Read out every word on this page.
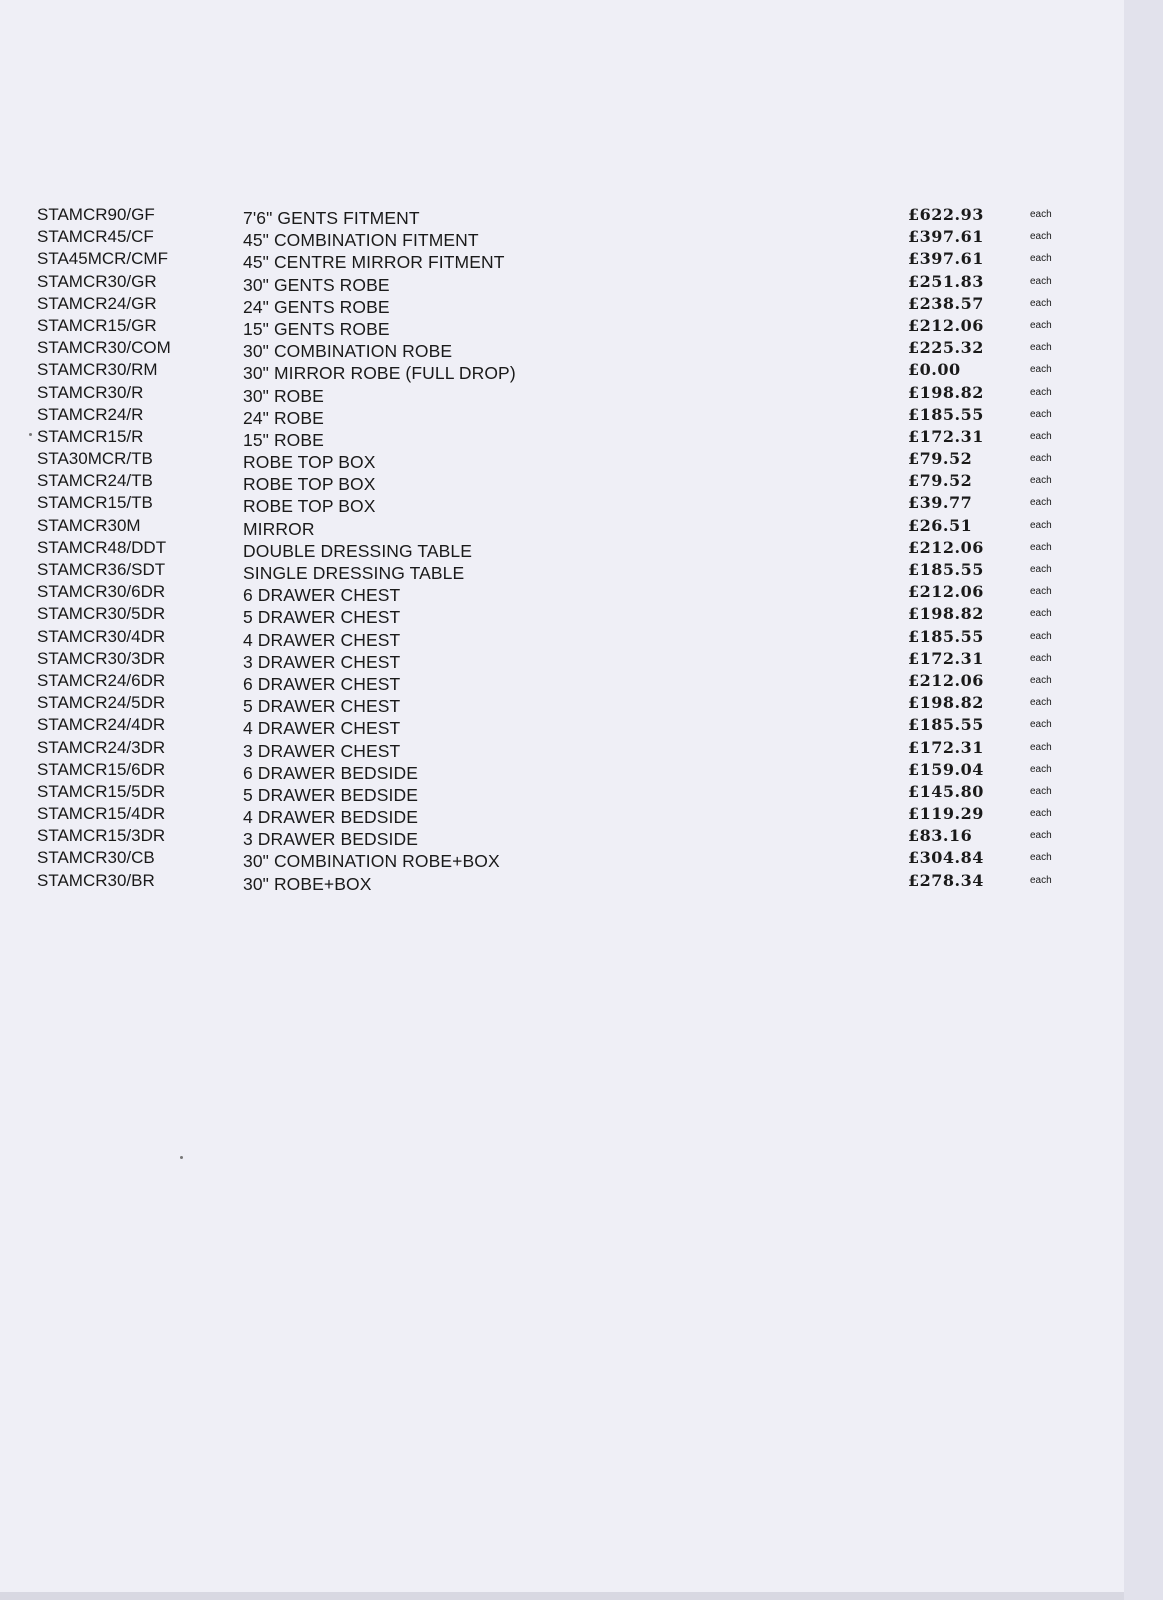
STAMCR90/GF	7'6" GENTS FITMENT	£622.93	each
STAMCR45/CF	45" COMBINATION FITMENT	£397.61	each
STA45MCR/CMF	45" CENTRE MIRROR FITMENT	£397.61	each
STAMCR30/GR	30" GENTS ROBE	£251.83	each
STAMCR24/GR	24" GENTS ROBE	£238.57	each
STAMCR15/GR	15" GENTS ROBE	£212.06	each
STAMCR30/COM	30" COMBINATION ROBE	£225.32	each
STAMCR30/RM	30" MIRROR ROBE (FULL DROP)	£0.00	each
STAMCR30/R	30" ROBE	£198.82	each
STAMCR24/R	24" ROBE	£185.55	each
STAMCR15/R	15" ROBE	£172.31	each
STA30MCR/TB	ROBE TOP BOX	£79.52	each
STAMCR24/TB	ROBE TOP BOX	£79.52	each
STAMCR15/TB	ROBE TOP BOX	£39.77	each
STAMCR30M	MIRROR	£26.51	each
STAMCR48/DDT	DOUBLE DRESSING TABLE	£212.06	each
STAMCR36/SDT	SINGLE DRESSING TABLE	£185.55	each
STAMCR30/6DR	6 DRAWER CHEST	£212.06	each
STAMCR30/5DR	5 DRAWER CHEST	£198.82	each
STAMCR30/4DR	4 DRAWER CHEST	£185.55	each
STAMCR30/3DR	3 DRAWER CHEST	£172.31	each
STAMCR24/6DR	6 DRAWER CHEST	£212.06	each
STAMCR24/5DR	5 DRAWER CHEST	£198.82	each
STAMCR24/4DR	4 DRAWER CHEST	£185.55	each
STAMCR24/3DR	3 DRAWER CHEST	£172.31	each
STAMCR15/6DR	6 DRAWER BEDSIDE	£159.04	each
STAMCR15/5DR	5 DRAWER BEDSIDE	£145.80	each
STAMCR15/4DR	4 DRAWER BEDSIDE	£119.29	each
STAMCR15/3DR	3 DRAWER BEDSIDE	£83.16	each
STAMCR30/CB	30" COMBINATION ROBE+BOX	£304.84	each
STAMCR30/BR	30" ROBE+BOX	£278.34	each
